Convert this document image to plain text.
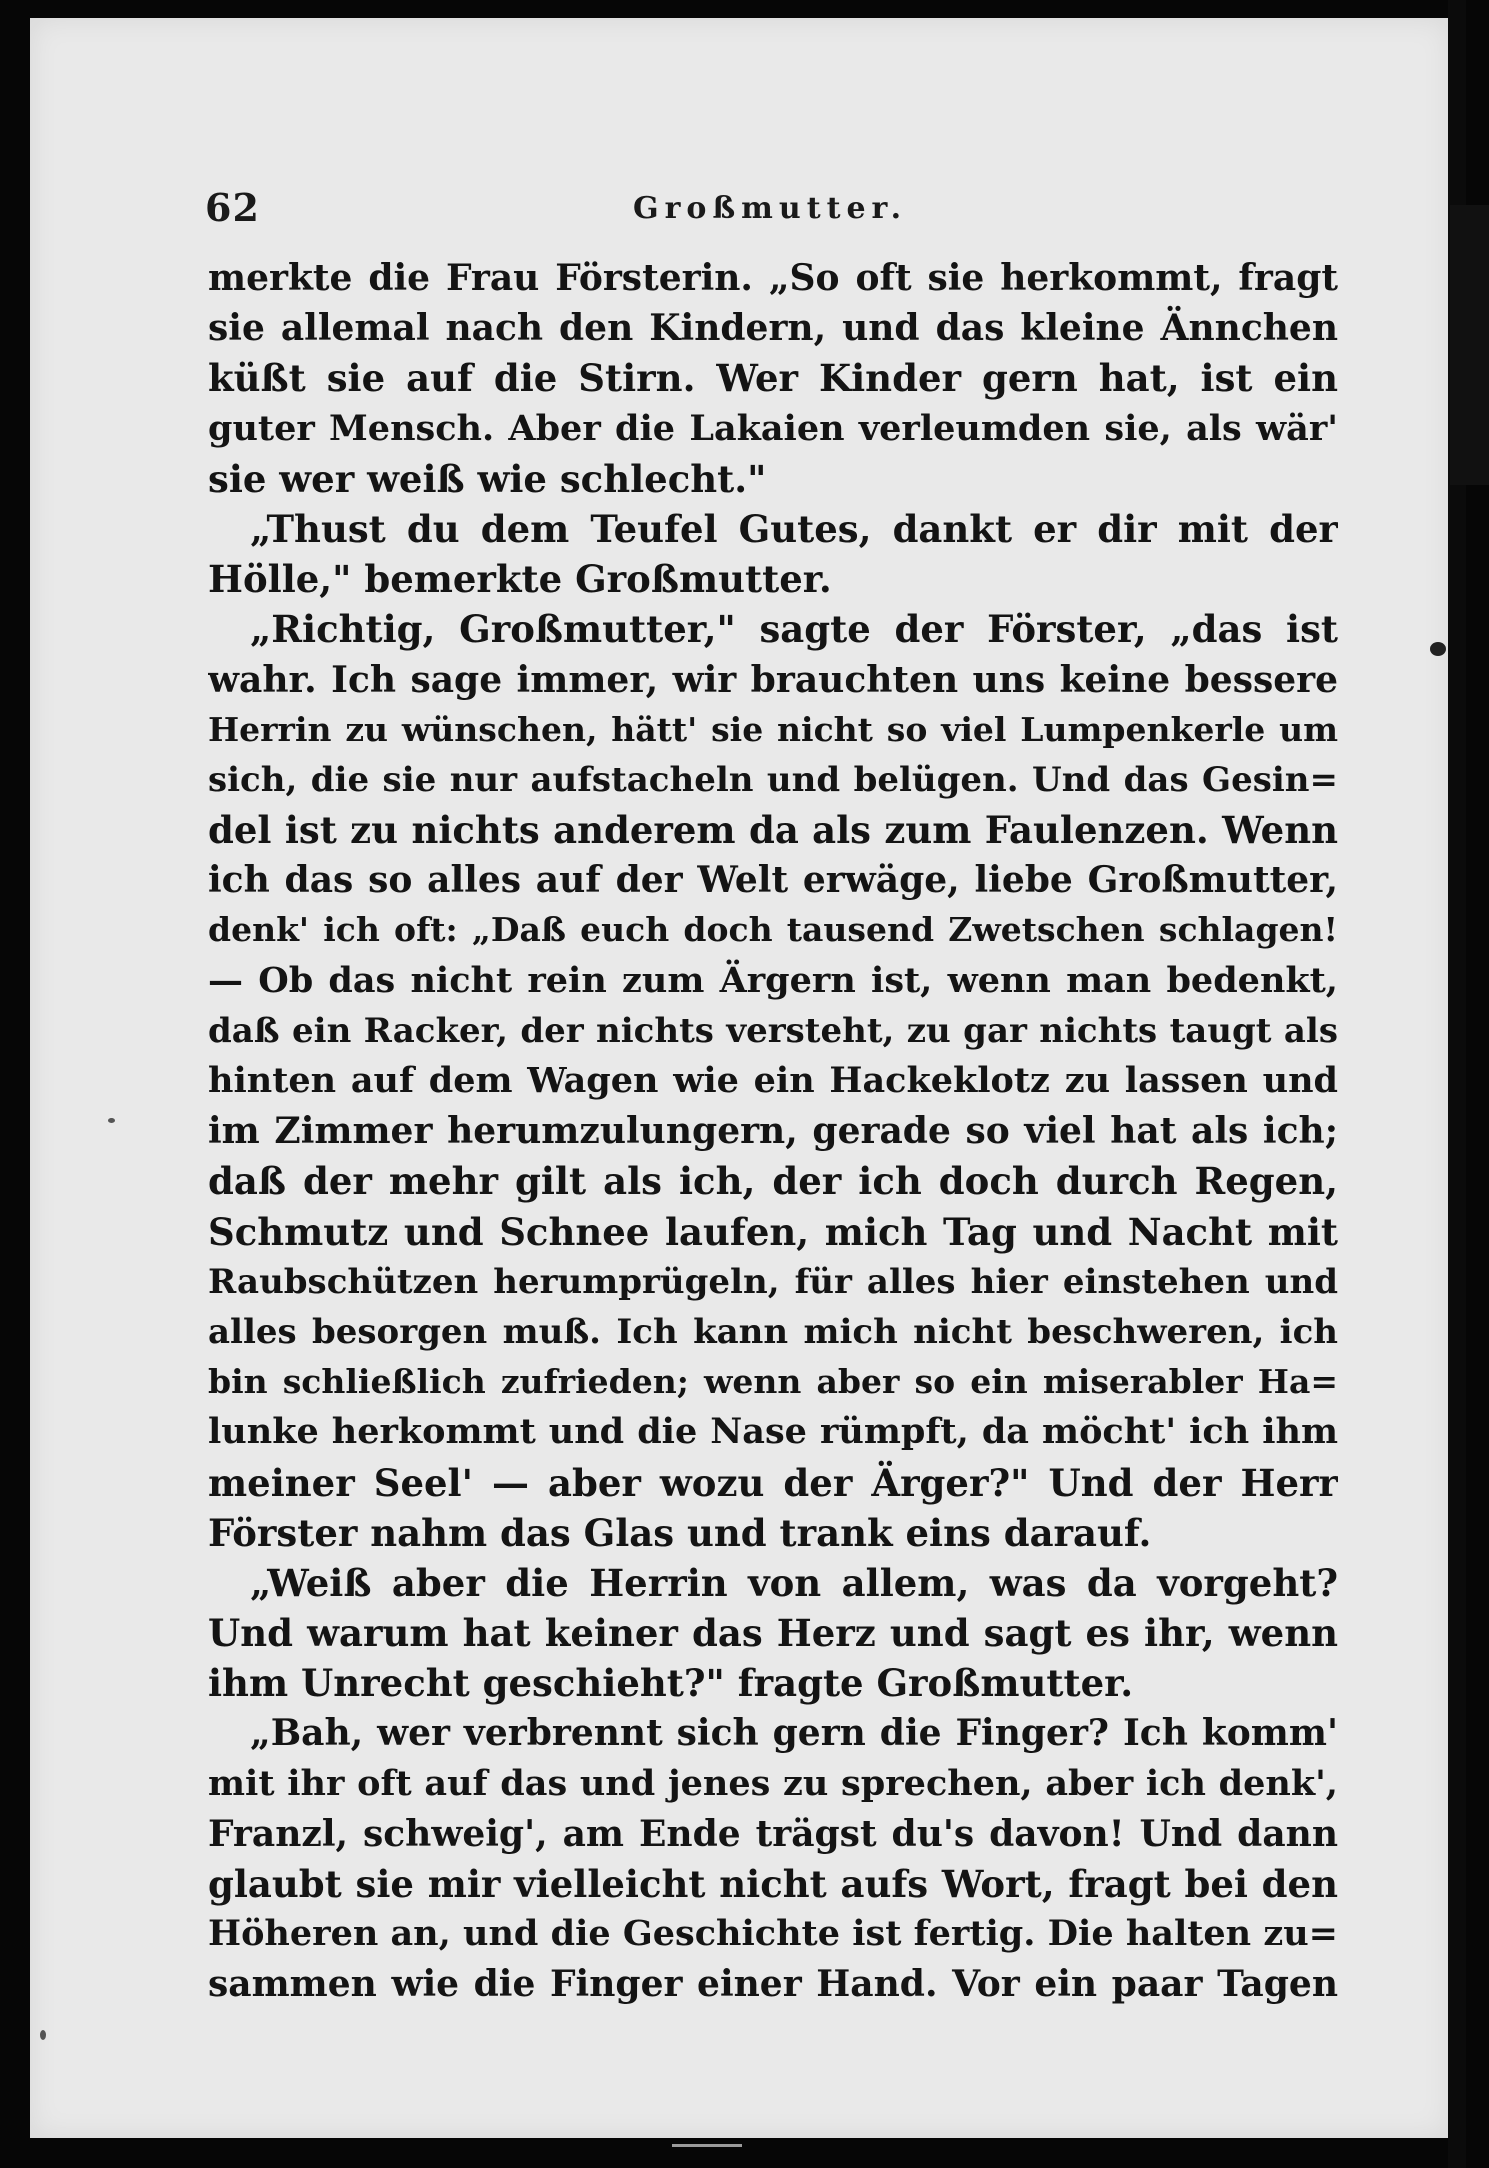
62	Großmutter.
merkte die Frau Försterin. „So oft sie herkommt, fragt
sie allemal nach den Kindern, und das kleine Ännchen
küßt sie auf die Stirn. Wer Kinder gern hat, ist ein
guter Mensch. Aber die Lakaien verleumden sie, als wär'
sie wer weiß wie schlecht."
„Thust du dem Teufel Gutes, dankt er dir mit der
Hölle," bemerkte Großmutter.
„Richtig, Großmutter," sagte der Förster, „das ist
wahr. Ich sage immer, wir brauchten uns keine bessere
Herrin zu wünschen, hätt' sie nicht so viel Lumpenkerle um
sich, die sie nur aufstacheln und belügen. Und das Gesin=
del ist zu nichts anderem da als zum Faulenzen. Wenn
ich das so alles auf der Welt erwäge, liebe Großmutter,
denk' ich oft: „Daß euch doch tausend Zwetschen schlagen!
— Ob das nicht rein zum Ärgern ist, wenn man bedenkt,
daß ein Racker, der nichts versteht, zu gar nichts taugt als
hinten auf dem Wagen wie ein Hackeklotz zu lassen und
im Zimmer herumzulungern, gerade so viel hat als ich;
daß der mehr gilt als ich, der ich doch durch Regen,
Schmutz und Schnee laufen, mich Tag und Nacht mit
Raubschützen herumprügeln, für alles hier einstehen und
alles besorgen muß. Ich kann mich nicht beschweren, ich
bin schließlich zufrieden; wenn aber so ein miserabler Ha=
lunke herkommt und die Nase rümpft, da möcht' ich ihm
meiner Seel' — aber wozu der Ärger?" Und der Herr
Förster nahm das Glas und trank eins darauf.
„Weiß aber die Herrin von allem, was da vorgeht?
Und warum hat keiner das Herz und sagt es ihr, wenn
ihm Unrecht geschieht?" fragte Großmutter.
„Bah, wer verbrennt sich gern die Finger? Ich komm'
mit ihr oft auf das und jenes zu sprechen, aber ich denk',
Franzl, schweig', am Ende trägst du's davon! Und dann
glaubt sie mir vielleicht nicht aufs Wort, fragt bei den
Höheren an, und die Geschichte ist fertig. Die halten zu=
sammen wie die Finger einer Hand. Vor ein paar Tagen
